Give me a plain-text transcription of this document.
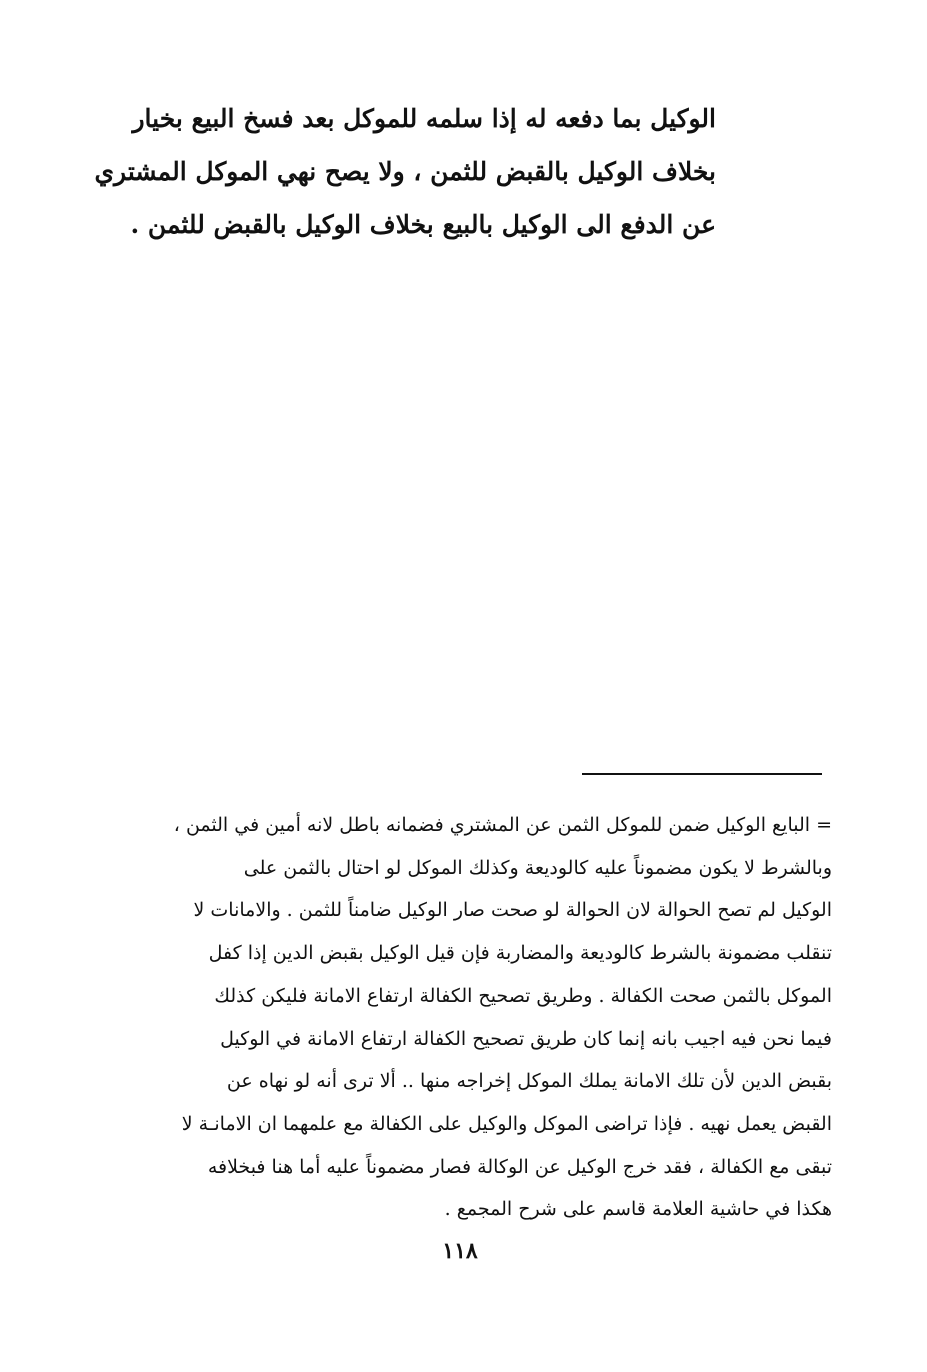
الوكيل بما دفعه له إذا سلمه للموكل بعد فسخ البيع بخيار
بخلاف الوكيل بالقبض للثمن ، ولا يصح نهي الموكل المشتري
عن الدفع الى الوكيل بالبيع بخلاف الوكيل بالقبض للثمن .
= البايع الوكيل ضمن للموكل الثمن عن المشتري فضمانه باطل لانه أمين في الثمن ،
وبالشرط لا يكون مضموناً عليه كالوديعة وكذلك الموكل لو احتال بالثمن على
الوكيل لم تصح الحوالة لان الحوالة لو صحت صار الوكيل ضامناً للثمن . والامانات لا
تنقلب مضمونة بالشرط كالوديعة والمضاربة فإن قيل الوكيل بقبض الدين إذا كفل
الموكل بالثمن صحت الكفالة . وطريق تصحيح الكفالة ارتفاع الامانة فليكن كذلك
فيما نحن فيه اجيب بانه إنما كان طريق تصحيح الكفالة ارتفاع الامانة في الوكيل
بقبض الدين لأن تلك الامانة يملك الموكل إخراجه منها .. ألا ترى أنه لو نهاه عن
القبض يعمل نهيه . فإذا تراضى الموكل والوكيل على الكفالة مع علمهما ان الامانـة لا
تبقى مع الكفالة ، فقد خرج الوكيل عن الوكالة فصار مضموناً عليه أما هنا فبخلافه
هكذا في حاشية العلامة قاسم على شرح المجمع .
١١٨
